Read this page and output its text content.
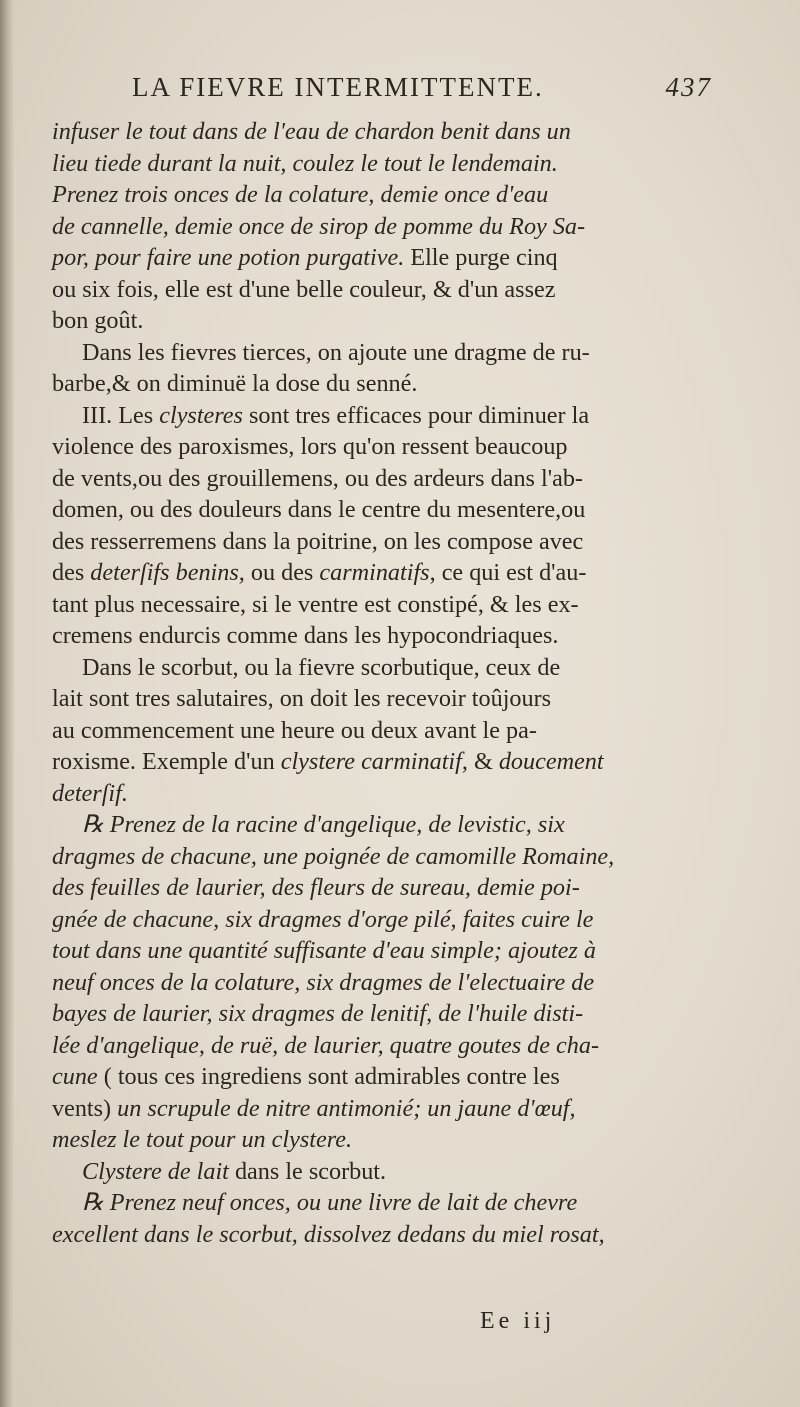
LA FIEVRE INTERMITTENTE.	437
infuser le tout dans de l'eau de chardon benit dans un
lieu tiede durant la nuit, coulez le tout le lendemain.
Prenez trois onces de la colature, demie once d'eau
de cannelle, demie once de sirop de pomme du Roy Sa-
por, pour faire une potion purgative. Elle purge cinq
ou six fois, elle est d'une belle couleur, & d'un assez
bon goût.
Dans les fievres tierces, on ajoute une dragme de ru-
barbe,& on diminuë la dose du senné.
III. Les clysteres sont tres efficaces pour diminuer la
violence des paroxismes, lors qu'on ressent beaucoup
de vents,ou des grouillemens, ou des ardeurs dans l'ab-
domen, ou des douleurs dans le centre du mesentere,ou
des resserremens dans la poitrine, on les compose avec
des deterſifs benins, ou des carminatifs, ce qui est d'au-
tant plus necessaire, si le ventre est constipé, & les ex-
cremens endurcis comme dans les hypocondriaques.
Dans le scorbut, ou la fievre scorbutique, ceux de
lait sont tres salutaires, on doit les recevoir toûjours
au commencement une heure ou deux avant le pa-
roxisme. Exemple d'un clystere carminatif, & doucement
deterſif.
℞ Prenez de la racine d'angelique, de levistic, six
dragmes de chacune, une poignée de camomille Romaine,
des feuilles de laurier, des fleurs de sureau, demie poi-
gnée de chacune, six dragmes d'orge pilé, faites cuire le
tout dans une quantité suffisante d'eau simple; ajoutez à
neuf onces de la colature, six dragmes de l'electuaire de
bayes de laurier, six dragmes de lenitif, de l'huile disti-
lée d'angelique, de ruë, de laurier, quatre goutes de cha-
cune ( tous ces ingrediens sont admirables contre les
vents) un scrupule de nitre antimonié; un jaune d'œuf,
meslez le tout pour un clystere.
Clystere de lait dans le scorbut.
℞ Prenez neuf onces, ou une livre de lait de chevre
excellent dans le scorbut, dissolvez dedans du miel rosat,
Ee iij
